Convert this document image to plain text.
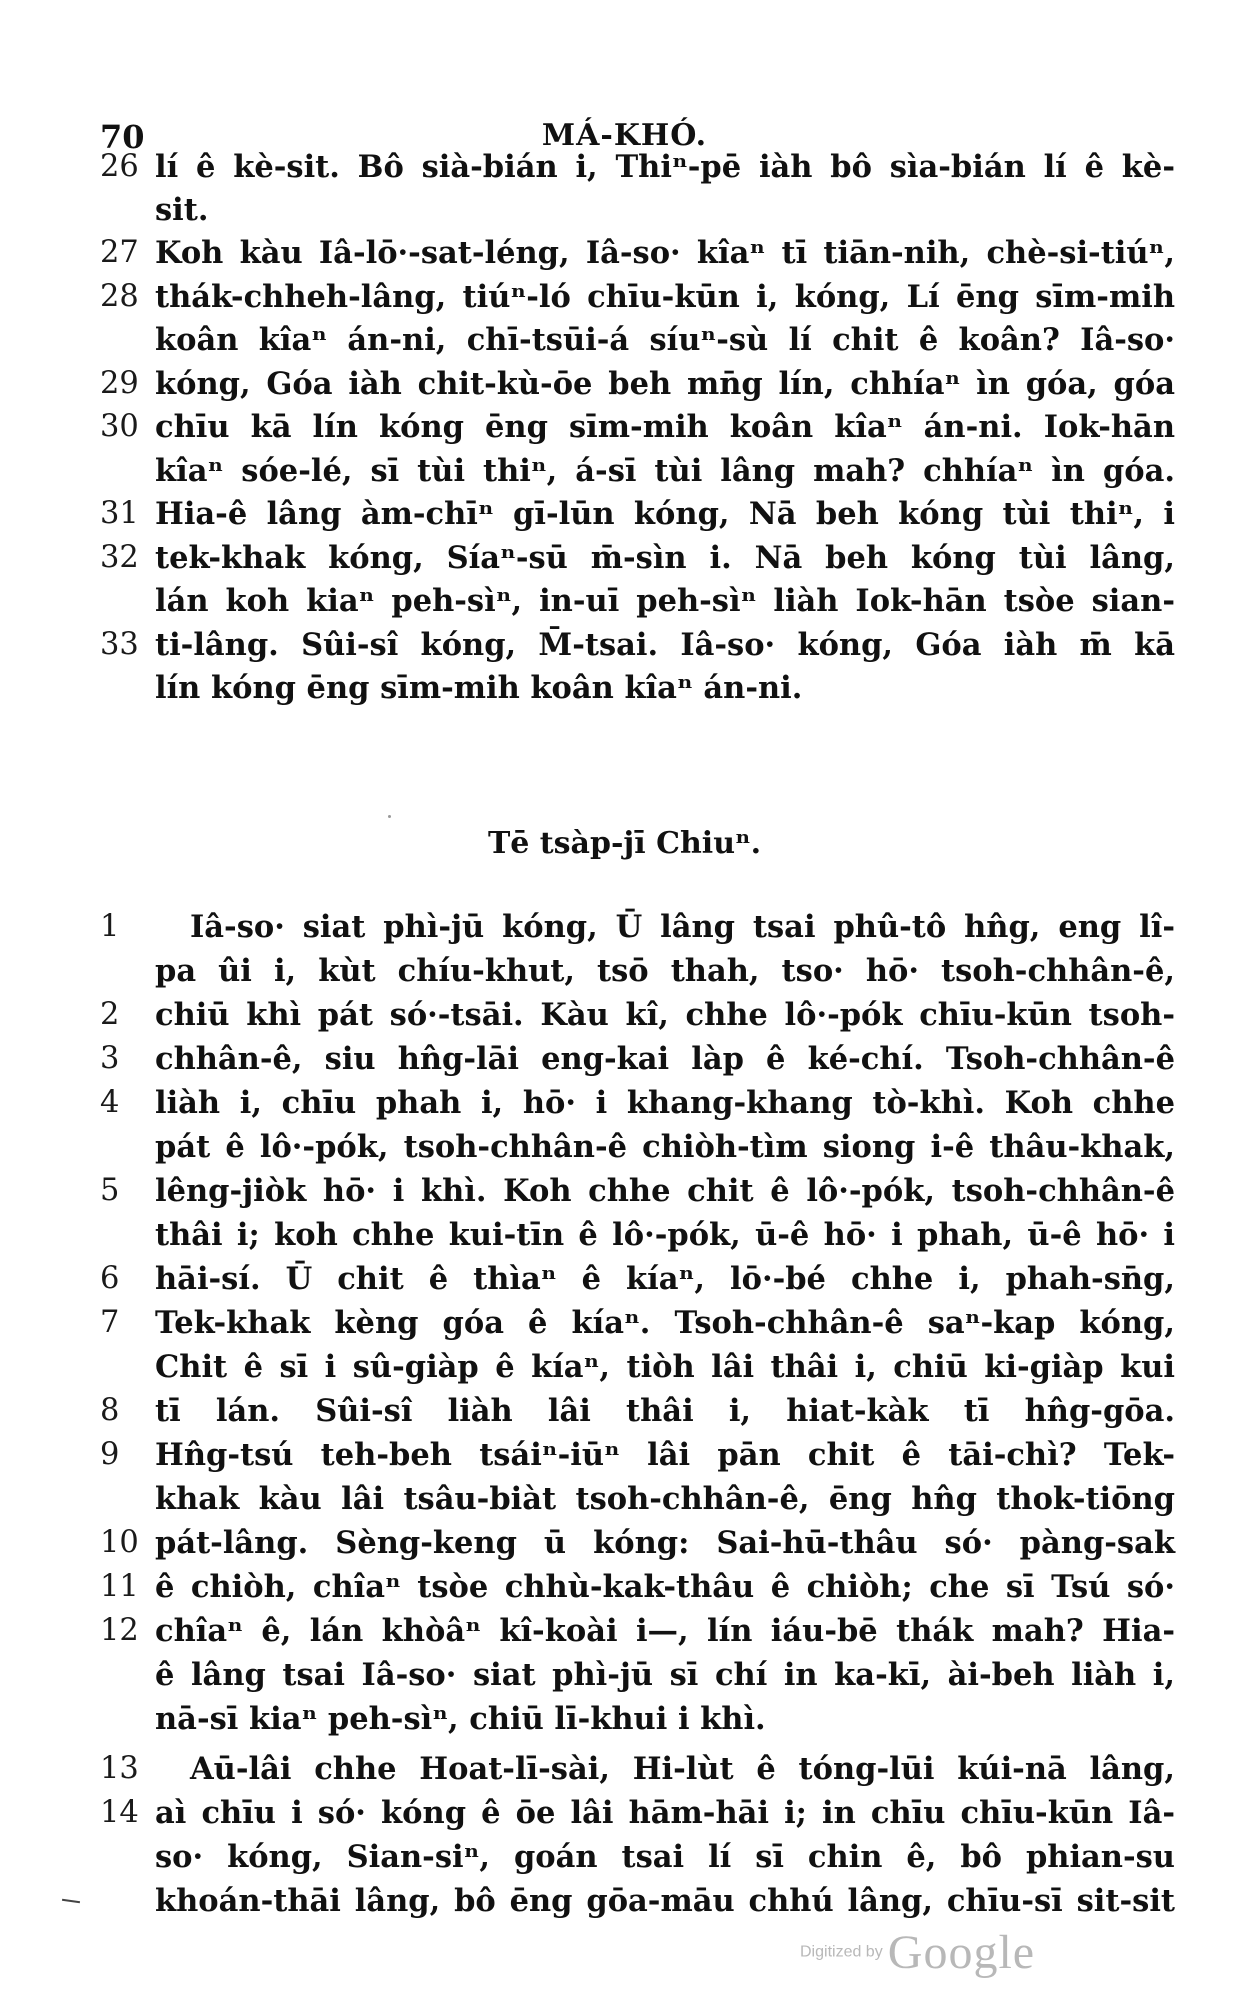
70	MÁ-KHÓ.
26 lí ê kè-sit. Bô sià-bián i, Thiⁿ-pē iàh bô sìa-bián lí ê kè-
sit.
27 Koh kàu Iâ-lō·-sat-léng, Iâ-so· kîaⁿ tī tiān-nih, chè-si-tiúⁿ,
28 thák-chheh-lâng, tiúⁿ-ló chīu-kūn i, kóng, Lí ēng sīm-mih
koân kîaⁿ án-ni, chī-tsūi-á síuⁿ-sù lí chit ê koân? Iâ-so·
29 kóng, Góa iàh chit-kù-ōe beh mn̄g lín, chhíaⁿ ìn góa, góa
30 chīu kā lín kóng ēng sīm-mih koân kîaⁿ án-ni. Iok-hān
kîaⁿ sóe-lé, sī tùi thiⁿ, á-sī tùi lâng mah? chhíaⁿ ìn góa.
31 Hia-ê lâng àm-chīⁿ gī-lūn kóng, Nā beh kóng tùi thiⁿ, i
32 tek-khak kóng, Síaⁿ-sū m̄-sìn i. Nā beh kóng tùi lâng,
lán koh kiaⁿ peh-sìⁿ, in-uī peh-sìⁿ liàh Iok-hān tsòe sian-
33 ti-lâng. Sûi-sî kóng, M̄-tsai. Iâ-so· kóng, Góa iàh m̄ kā
lín kóng ēng sīm-mih koân kîaⁿ án-ni.
Tē tsàp-jī Chiuⁿ.
1	Iâ-so· siat phì-jū kóng, Ū lâng tsai phû-tô hn̂g, eng lî-
pa ûi i, kùt chíu-khut, tsō thah, tso· hō· tsoh-chhân-ê,
2	chiū khì pát só·-tsāi. Kàu kî, chhe lô·-pók chīu-kūn tsoh-
3	chhân-ê, siu hn̂g-lāi eng-kai làp ê ké-chí. Tsoh-chhân-ê
4	liàh i, chīu phah i, hō· i khang-khang tò-khì. Koh chhe
pát ê lô·-pók, tsoh-chhân-ê chiòh-tìm siong i-ê thâu-khak,
5	lêng-jiòk hō· i khì. Koh chhe chit ê lô·-pók, tsoh-chhân-ê
thâi i; koh chhe kui-tīn ê lô·-pók, ū-ê hō· i phah, ū-ê hō· i
6	hāi-sí. Ū chit ê thìaⁿ ê kíaⁿ, lō·-bé chhe i, phah-sn̄g,
7	Tek-khak kèng góa ê kíaⁿ. Tsoh-chhân-ê saⁿ-kap kóng,
Chit ê sī i sû-giàp ê kíaⁿ, tiòh lâi thâi i, chiū ki-giàp kui
8	tī lán. Sûi-sî liàh lâi thâi i, hiat-kàk tī hn̂g-gōa.
9	Hn̂g-tsú teh-beh tsáiⁿ-iūⁿ lâi pān chit ê tāi-chì? Tek-
khak kàu lâi tsâu-biàt tsoh-chhân-ê, ēng hn̂g thok-tiōng
10 pát-lâng. Sèng-keng ū kóng: Sai-hū-thâu só· pàng-sak
11 ê chiòh, chîaⁿ tsòe chhù-kak-thâu ê chiòh; che sī Tsú só·
12 chîaⁿ ê, lán khòâⁿ kî-koài i—, lín iáu-bē thák mah? Hia-
ê lâng tsai Iâ-so· siat phì-jū sī chí in ka-kī, ài-beh liàh i,
nā-sī kiaⁿ peh-sìⁿ, chiū lī-khui i khì.
13 Aū-lâi chhe Hoat-lī-sài, Hi-lùt ê tóng-lūi kúi-nā lâng,
14 aì chīu i só· kóng ê ōe lâi hām-hāi i; in chīu chīu-kūn Iâ-
so· kóng, Sian-siⁿ, goán tsai lí sī chin ê, bô phian-su
khoán-thāi lâng, bô ēng gōa-māu chhú lâng, chīu-sī sit-sit
Digitized by Google
